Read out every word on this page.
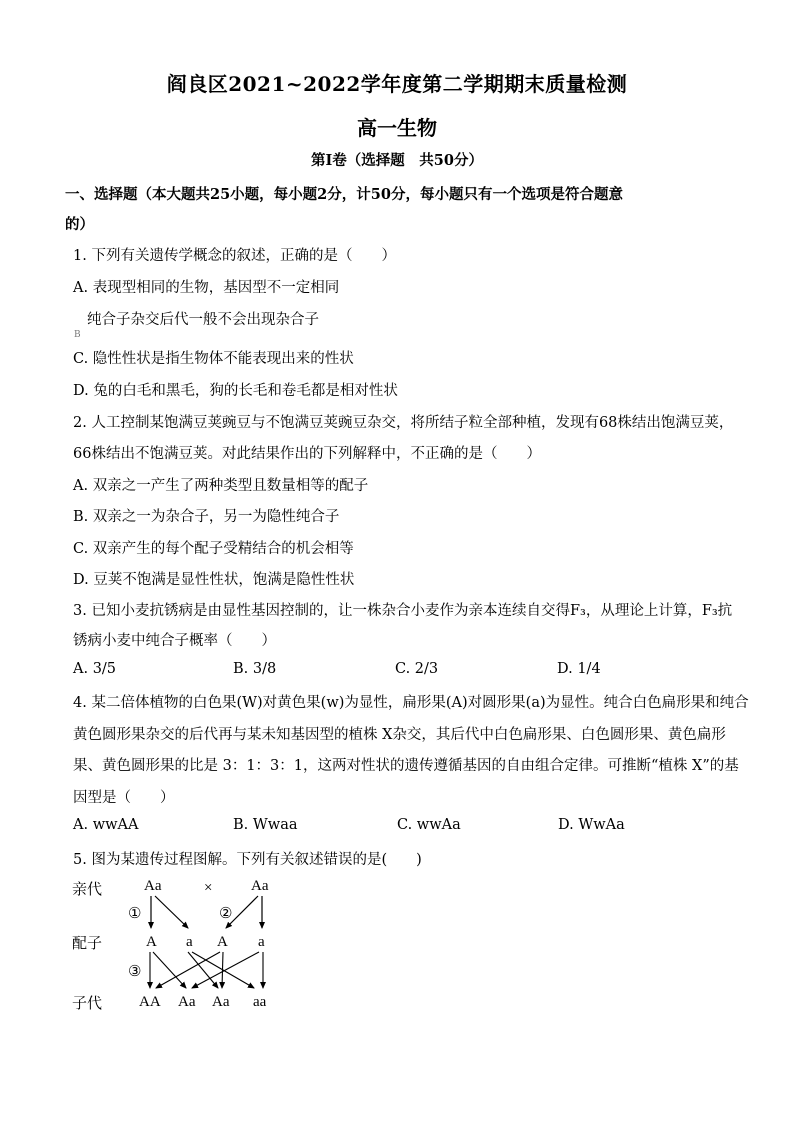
阎良区2021~2022学年度第二学期期末质量检测
高一生物
第Ⅰ卷（选择题　共50分）
一、选择题（本大题共25小题，每小题2分，计50分，每小题只有一个选项是符合题意
的）
1. 下列有关遗传学概念的叙述，正确的是（　　）
A. 表现型相同的生物，基因型不一定相同
纯合子杂交后代一般不会出现杂合子
B
C. 隐性性状是指生物体不能表现出来的性状
D. 兔的白毛和黑毛，狗的长毛和卷毛都是相对性状
2. 人工控制某饱满豆荚豌豆与不饱满豆荚豌豆杂交，将所结子粒全部种植，发现有68株结出饱满豆荚，
66株结出不饱满豆荚。对此结果作出的下列解释中，不正确的是（　　）
A. 双亲之一产生了两种类型且数量相等的配子
B. 双亲之一为杂合子，另一为隐性纯合子
C. 双亲产生的每个配子受精结合的机会相等
D. 豆荚不饱满是显性性状，饱满是隐性性状
3. 已知小麦抗锈病是由显性基因控制的，让一株杂合小麦作为亲本连续自交得F₃，从理论上计算，F₃抗
锈病小麦中纯合子概率（　　）
A. 3/5	B. 3/8	C. 2/3	D. 1/4
4. 某二倍体植物的白色果(W)对黄色果(w)为显性，扁形果(A)对圆形果(a)为显性。纯合白色扁形果和纯合
黄色圆形果杂交的后代再与某未知基因型的植株 X杂交，其后代中白色扁形果、白色圆形果、黄色扁形
果、黄色圆形果的比是 3：1：3：1，这两对性状的遗传遵循基因的自由组合定律。可推断“植株 X”的基
因型是（　　）
A. wwAA	B. Wwaa	C. wwAa	D. WwAa
5. 图为某遗传过程图解。下列有关叙述错误的是(　　)
亲代
配子
子代
Aa	×	Aa
①	②
③
A a A a
AA Aa Aa aa
